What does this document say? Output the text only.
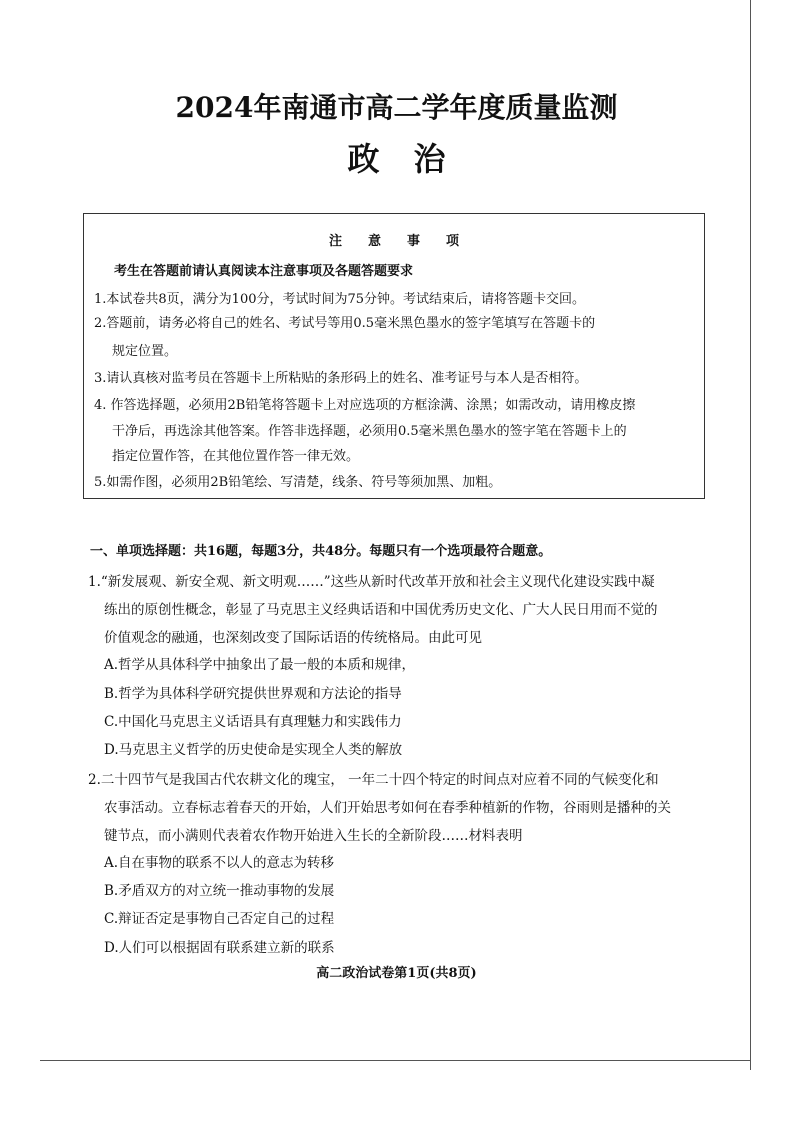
2024年南通市高二学年度质量监测
政治
注意事项
考生在答题前请认真阅读本注意事项及各题答题要求
1.本试卷共8页，满分为100分，考试时间为75分钟。考试结束后，请将答题卡交回。
2.答题前，请务必将自己的姓名、考试号等用0.5毫米黑色墨水的签字笔填写在答题卡的
规定位置。
3.请认真核对监考员在答题卡上所粘贴的条形码上的姓名、准考证号与本人是否相符。
4. 作答选择题，必须用2B铅笔将答题卡上对应选项的方框涂满、涂黑；如需改动，请用橡皮擦
干净后，再选涂其他答案。作答非选择题，必须用0.5毫米黑色墨水的签字笔在答题卡上的
指定位置作答，在其他位置作答一律无效。
5.如需作图，必须用2B铅笔绘、写清楚，线条、符号等须加黑、加粗。
一、单项选择题：共16题，每题3分，共48分。每题只有一个选项最符合题意。
1.“新发展观、新安全观、新文明观……”这些从新时代改革开放和社会主义现代化建设实践中凝
练出的原创性概念，彰显了马克思主义经典话语和中国优秀历史文化、广大人民日用而不觉的
价值观念的融通，也深刻改变了国际话语的传统格局。由此可见
A.哲学从具体科学中抽象出了最一般的本质和规律，
B.哲学为具体科学研究提供世界观和方法论的指导
C.中国化马克思主义话语具有真理魅力和实践伟力
D.马克思主义哲学的历史使命是实现全人类的解放
2.二十四节气是我国古代农耕文化的瑰宝， 一年二十四个特定的时间点对应着不同的气候变化和
农事活动。立春标志着春天的开始，人们开始思考如何在春季种植新的作物，谷雨则是播种的关
键节点，而小满则代表着农作物开始进入生长的全新阶段……材料表明
A.自在事物的联系不以人的意志为转移
B.矛盾双方的对立统一推动事物的发展
C.辩证否定是事物自己否定自己的过程
D.人们可以根据固有联系建立新的联系
高二政治试卷第1页(共8页)
